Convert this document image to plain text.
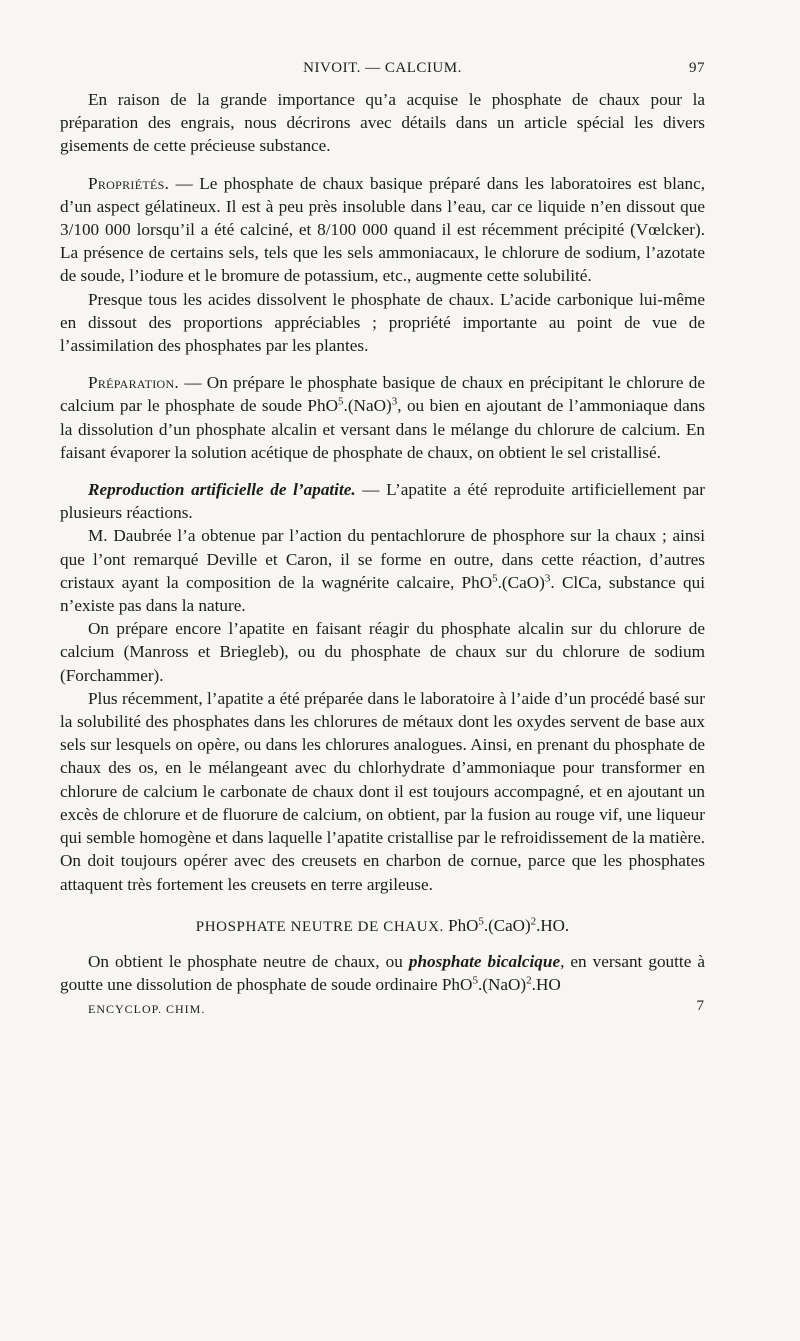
NIVOIT. — CALCIUM.	97

En raison de la grande importance qu’a acquise le phosphate de chaux pour la préparation des engrais, nous décrirons avec détails dans un article spécial les divers gisements de cette précieuse substance.

Propriétés. — Le phosphate de chaux basique préparé dans les laboratoires est blanc, d’un aspect gélatineux. Il est à peu près insoluble dans l’eau, car ce liquide n’en dissout que 3/100 000 lorsqu’il a été calciné, et 8/100 000 quand il est récemment précipité (Vœlcker). La présence de certains sels, tels que les sels ammoniacaux, le chlorure de sodium, l’azotate de soude, l’iodure et le bromure de potassium, etc., augmente cette solubilité.

Presque tous les acides dissolvent le phosphate de chaux. L’acide carbonique lui-même en dissout des proportions appréciables ; propriété importante au point de vue de l’assimilation des phosphates par les plantes.

Préparation. — On prépare le phosphate basique de chaux en précipitant le chlorure de calcium par le phosphate de soude PhO$^5$.(NaO)$^3$, ou bien en ajoutant de l’ammoniaque dans la dissolution d’un phosphate alcalin et versant dans le mélange du chlorure de calcium. En faisant évaporer la solution acétique de phosphate de chaux, on obtient le sel cristallisé.

Reproduction artificielle de l’apatite. — L’apatite a été reproduite artificiellement par plusieurs réactions.

M. Daubrée l’a obtenue par l’action du pentachlorure de phosphore sur la chaux ; ainsi que l’ont remarqué Deville et Caron, il se forme en outre, dans cette réaction, d’autres cristaux ayant la composition de la wagnérite calcaire, PhO$^5$.(CaO)$^3$. ClCa, substance qui n’existe pas dans la nature.

On prépare encore l’apatite en faisant réagir du phosphate alcalin sur du chlorure de calcium (Manross et Briegleb), ou du phosphate de chaux sur du chlorure de sodium (Forchammer).

Plus récemment, l’apatite a été préparée dans le laboratoire à l’aide d’un procédé basé sur la solubilité des phosphates dans les chlorures de métaux dont les oxydes servent de base aux sels sur lesquels on opère, ou dans les chlorures analogues. Ainsi, en prenant du phosphate de chaux des os, en le mélangeant avec du chlorhydrate d’ammoniaque pour transformer en chlorure de calcium le carbonate de chaux dont il est toujours accompagné, et en ajoutant un excès de chlorure et de fluorure de calcium, on obtient, par la fusion au rouge vif, une liqueur qui semble homogène et dans laquelle l’apatite cristallise par le refroidissement de la matière. On doit toujours opérer avec des creusets en charbon de cornue, parce que les phosphates attaquent très fortement les creusets en terre argileuse.

PHOSPHATE NEUTRE DE CHAUX. PhO$^5$.(CaO)$^2$.HO.

On obtient le phosphate neutre de chaux, ou phosphate bicalcique, en versant goutte à goutte une dissolution de phosphate de soude ordinaire PhO$^5$.(NaO)$^2$.HO

ENCYCLOP. CHIM.	7
